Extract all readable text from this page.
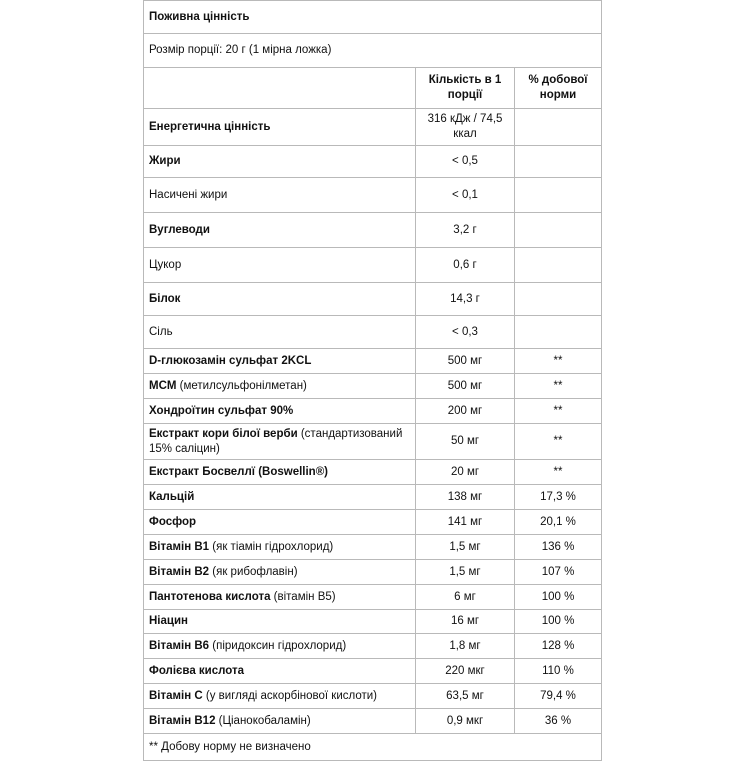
Поживна цінність		
Розмір порції: 20 г (1 мірна ложка)		
	Кількість в 1 порції	% добової норми
Енергетична цінність	316 кДж / 74,5 ккал	
Жири	˂ 0,5	
Насичені жири	˂ 0,1	
Вуглеводи	3,2 г	
Цукор	0,6 г	
Білок	14,3 г	
Сіль	˂ 0,3	
D-глюкозамін сульфат 2KCL	500 мг	**
MCM (метилсульфонілметан)	500 мг	**
Хондроїтин сульфат 90%	200 мг	**
Екстракт кори білої верби (стандартизований 15% саліцин)	50 мг	**
Екстракт Босвеллї (Boswellin®)	20 мг	**
Кальцій	138 мг	17,3 %
Фосфор	141 мг	20,1 %
Вітамін B1 (як тіамін гідрохлорид)	1,5 мг	136 %
Вітамін B2 (як рибофлавін)	1,5 мг	107 %
Пантотенова кислота (вітамін B5)	6 мг	100 %
Ніацин	16 мг	100 %
Вітамін B6 (піридоксин гідрохлорид)	1,8 мг	128 %
Фолієва кислота	220 мкг	110 %
Вітамін C (у вигляді аскорбінової кислоти)	63,5 мг	79,4 %
Вітамін B12 (Ціанокобаламін)	0,9 мкг	36 %
** Добову норму не визначено		
